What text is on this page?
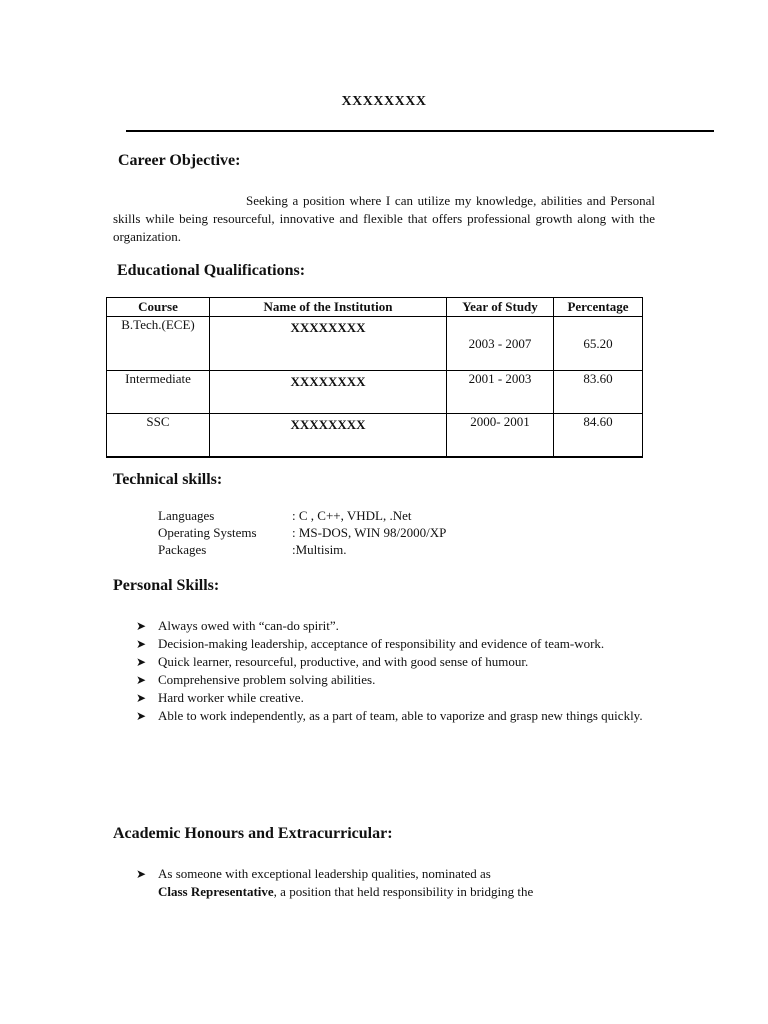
XXXXXXXX
Career Objective:
Seeking a position where I can utilize my knowledge, abilities and Personal skills while being resourceful, innovative and flexible that offers professional growth along with the organization.
Educational Qualifications:
Course	Name of the Institution	Year of Study	Percentage
B.Tech.(ECE)	XXXXXXXX	2003 - 2007	65.20
Intermediate	XXXXXXXX	2001 - 2003	83.60
SSC	XXXXXXXX	2000- 2001	84.60
Technical skills:
Languages	: C , C++, VHDL, .Net
Operating Systems	: MS-DOS, WIN 98/2000/XP
Packages	:Multisim.
Personal Skills:
➤ Always owed with “can-do spirit”.
➤ Decision-making leadership, acceptance of responsibility and evidence of team-work.
➤ Quick learner, resourceful, productive, and with good sense of humour.
➤ Comprehensive problem solving abilities.
➤ Hard worker while creative.
➤ Able to work independently, as a part of team, able to vaporize and grasp new things quickly.
Academic Honours and Extracurricular:
➤ As someone with exceptional leadership qualities, nominated as
Class Representative, a position that held responsibility in bridging the
